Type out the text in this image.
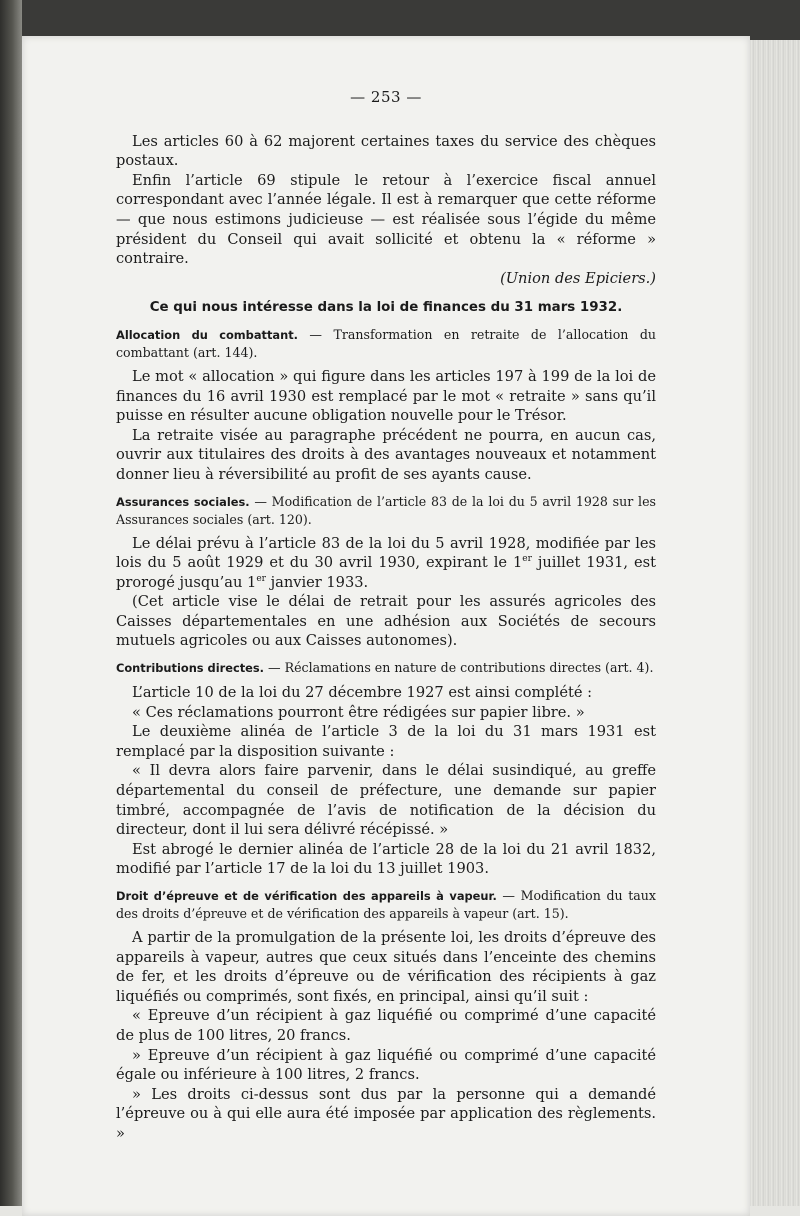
— 253 —

Les articles 60 à 62 majorent certaines taxes du service des chèques postaux.

Enfin l’article 69 stipule le retour à l’exercice fiscal annuel correspondant avec l’année légale. Il est à remarquer que cette réforme — que nous estimons judicieuse — est réalisée sous l’égide du même président du Conseil qui avait sollicité et obtenu la « réforme » contraire.

(Union des Epiciers.)

Ce qui nous intéresse dans la loi de finances du 31 mars 1932.
Allocation du combattant. — Transformation en retraite de l’allocation du combattant (art. 144).

Le mot « allocation » qui figure dans les articles 197 à 199 de la loi de finances du 16 avril 1930 est remplacé par le mot « retraite » sans qu’il puisse en résulter aucune obligation nouvelle pour le Trésor.

La retraite visée au paragraphe précédent ne pourra, en aucun cas, ouvrir aux titulaires des droits à des avantages nouveaux et notamment donner lieu à réversibilité au profit de ses ayants cause.

Assurances sociales. — Modification de l’article 83 de la loi du 5 avril 1928 sur les Assurances sociales (art. 120).

Le délai prévu à l’article 83 de la loi du 5 avril 1928, modifiée par les lois du 5 août 1929 et du 30 avril 1930, expirant le 1er juillet 1931, est prorogé jusqu’au 1er janvier 1933.

(Cet article vise le délai de retrait pour les assurés agricoles des Caisses départementales en une adhésion aux Sociétés de secours mutuels agricoles ou aux Caisses autonomes).

Contributions directes. — Réclamations en nature de contributions directes (art. 4).

L’article 10 de la loi du 27 décembre 1927 est ainsi complété :

« Ces réclamations pourront être rédigées sur papier libre. »

Le deuxième alinéa de l’article 3 de la loi du 31 mars 1931 est remplacé par la disposition suivante :

« Il devra alors faire parvenir, dans le délai susindiqué, au greffe départemental du conseil de préfecture, une demande sur papier timbré, accompagnée de l’avis de notification de la décision du directeur, dont il lui sera délivré récépissé. »

Est abrogé le dernier alinéa de l’article 28 de la loi du 21 avril 1832, modifié par l’article 17 de la loi du 13 juillet 1903.

Droit d’épreuve et de vérification des appareils à vapeur. — Modification du taux des droits d’épreuve et de vérification des appareils à vapeur (art. 15).

A partir de la promulgation de la présente loi, les droits d’épreuve des appareils à vapeur, autres que ceux situés dans l’enceinte des chemins de fer, et les droits d’épreuve ou de vérification des récipients à gaz liquéfiés ou comprimés, sont fixés, en principal, ainsi qu’il suit :

« Epreuve d’un récipient à gaz liquéfié ou comprimé d’une capacité de plus de 100 litres, 20 francs.

» Epreuve d’un récipient à gaz liquéfié ou comprimé d’une capacité égale ou inférieure à 100 litres, 2 francs.

» Les droits ci-dessus sont dus par la personne qui a demandé l’épreuve ou à qui elle aura été imposée par application des règlements. »
